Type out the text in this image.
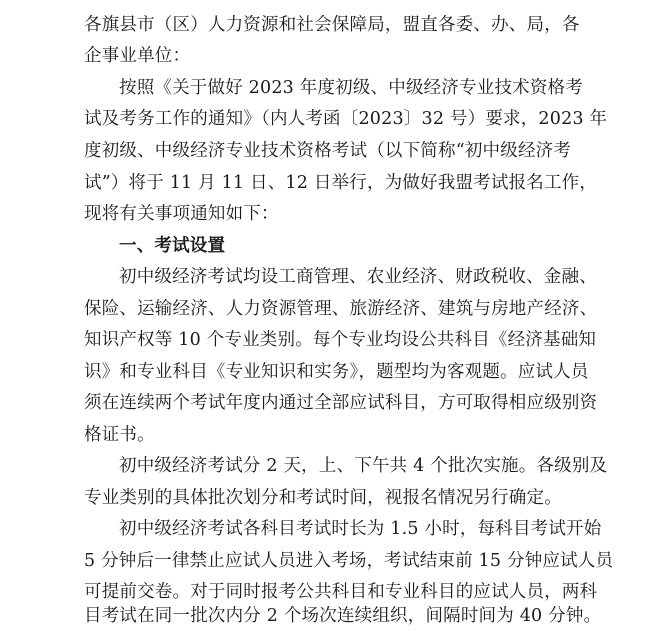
各旗县市（区）人力资源和社会保障局，盟直各委、办、局，各
企事业单位：
按照《关于做好 2023 年度初级、中级经济专业技术资格考
试及考务工作的通知》（内人考函〔2023〕32 号）要求，2023 年
度初级、中级经济专业技术资格考试（以下简称“初中级经济考
试”）将于 11 月 11 日、12 日举行，为做好我盟考试报名工作，
现将有关事项通知如下：
一、考试设置
初中级经济考试均设工商管理、农业经济、财政税收、金融、
保险、运输经济、人力资源管理、旅游经济、建筑与房地产经济、
知识产权等 10 个专业类别。每个专业均设公共科目《经济基础知
识》和专业科目《专业知识和实务》，题型均为客观题。应试人员
须在连续两个考试年度内通过全部应试科目，方可取得相应级别资
格证书。
初中级经济考试分 2 天，上、下午共 4 个批次实施。各级别及
专业类别的具体批次划分和考试时间，视报名情况另行确定。
初中级经济考试各科目考试时长为 1.5 小时，每科目考试开始
5 分钟后一律禁止应试人员进入考场，考试结束前 15 分钟应试人员
可提前交卷。对于同时报考公共科目和专业科目的应试人员，两科
目考试在同一批次内分 2 个场次连续组织，间隔时间为 40 分钟。
